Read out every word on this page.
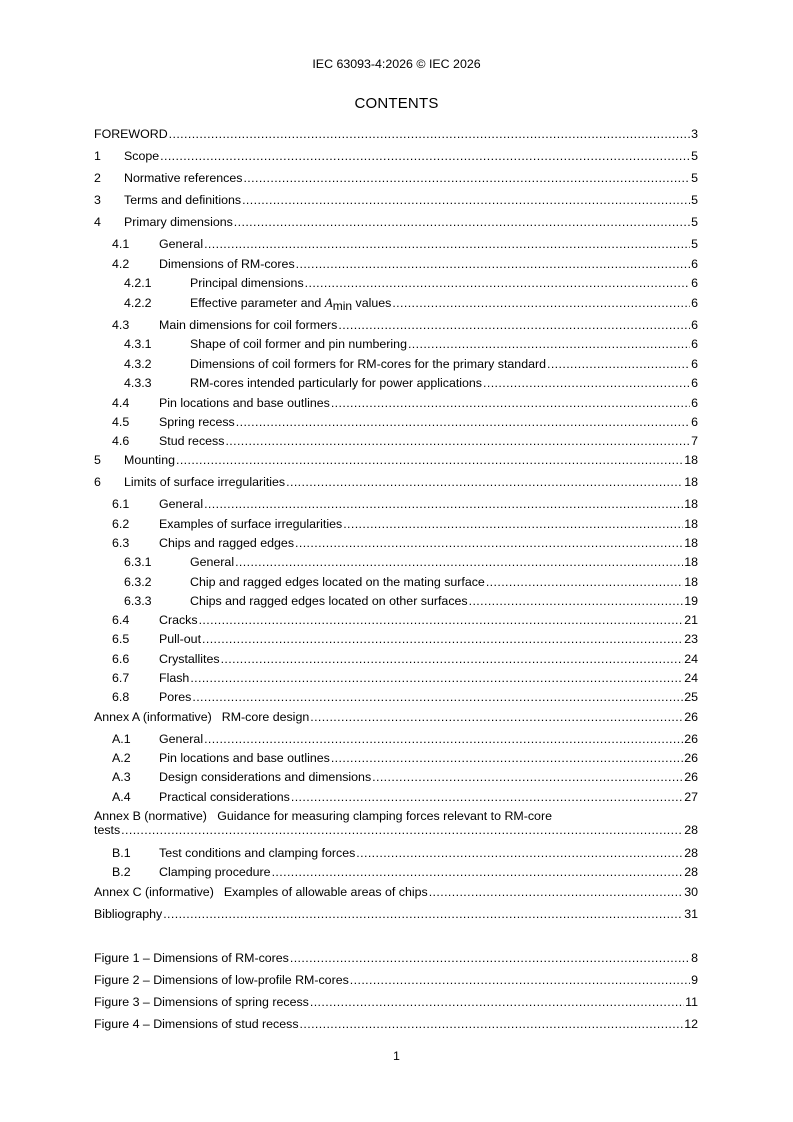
IEC 63093-4:2026 © IEC 2026
CONTENTS
FOREWORD .....	3
1	Scope .....	5
2	Normative references .....	5
3	Terms and definitions .....	5
4	Primary dimensions .....	5
4.1	General .....	5
4.2	Dimensions of RM-cores .....	6
4.2.1	Principal dimensions .....	6
4.2.2	Effective parameter and $A_{min}$ values .....	6
4.3	Main dimensions for coil formers .....	6
4.3.1	Shape of coil former and pin numbering .....	6
4.3.2	Dimensions of coil formers for RM-cores for the primary standard .....	6
4.3.3	RM-cores intended particularly for power applications .....	6
4.4	Pin locations and base outlines .....	6
4.5	Spring recess .....	6
4.6	Stud recess .....	7
5	Mounting .....	18
6	Limits of surface irregularities .....	18
6.1	General .....	18
6.2	Examples of surface irregularities .....	18
6.3	Chips and ragged edges .....	18
6.3.1	General .....	18
6.3.2	Chip and ragged edges located on the mating surface .....	18
6.3.3	Chips and ragged edges located on other surfaces .....	19
6.4	Cracks .....	21
6.5	Pull-out .....	23
6.6	Crystallites .....	24
6.7	Flash .....	24
6.8	Pores .....	25
Annex A (informative) RM-core design .....	26
A.1	General .....	26
A.2	Pin locations and base outlines .....	26
A.3	Design considerations and dimensions .....	26
A.4	Practical considerations .....	27
Annex B (normative) Guidance for measuring clamping forces relevant to RM-core
tests .....	28
B.1	Test conditions and clamping forces .....	28
B.2	Clamping procedure .....	28
Annex C (informative) Examples of allowable areas of chips .....	30
Bibliography .....	31
Figure 1 – Dimensions of RM-cores .....	8
Figure 2 – Dimensions of low-profile RM-cores .....	9
Figure 3 – Dimensions of spring recess .....	11
Figure 4 – Dimensions of stud recess .....	12
1
